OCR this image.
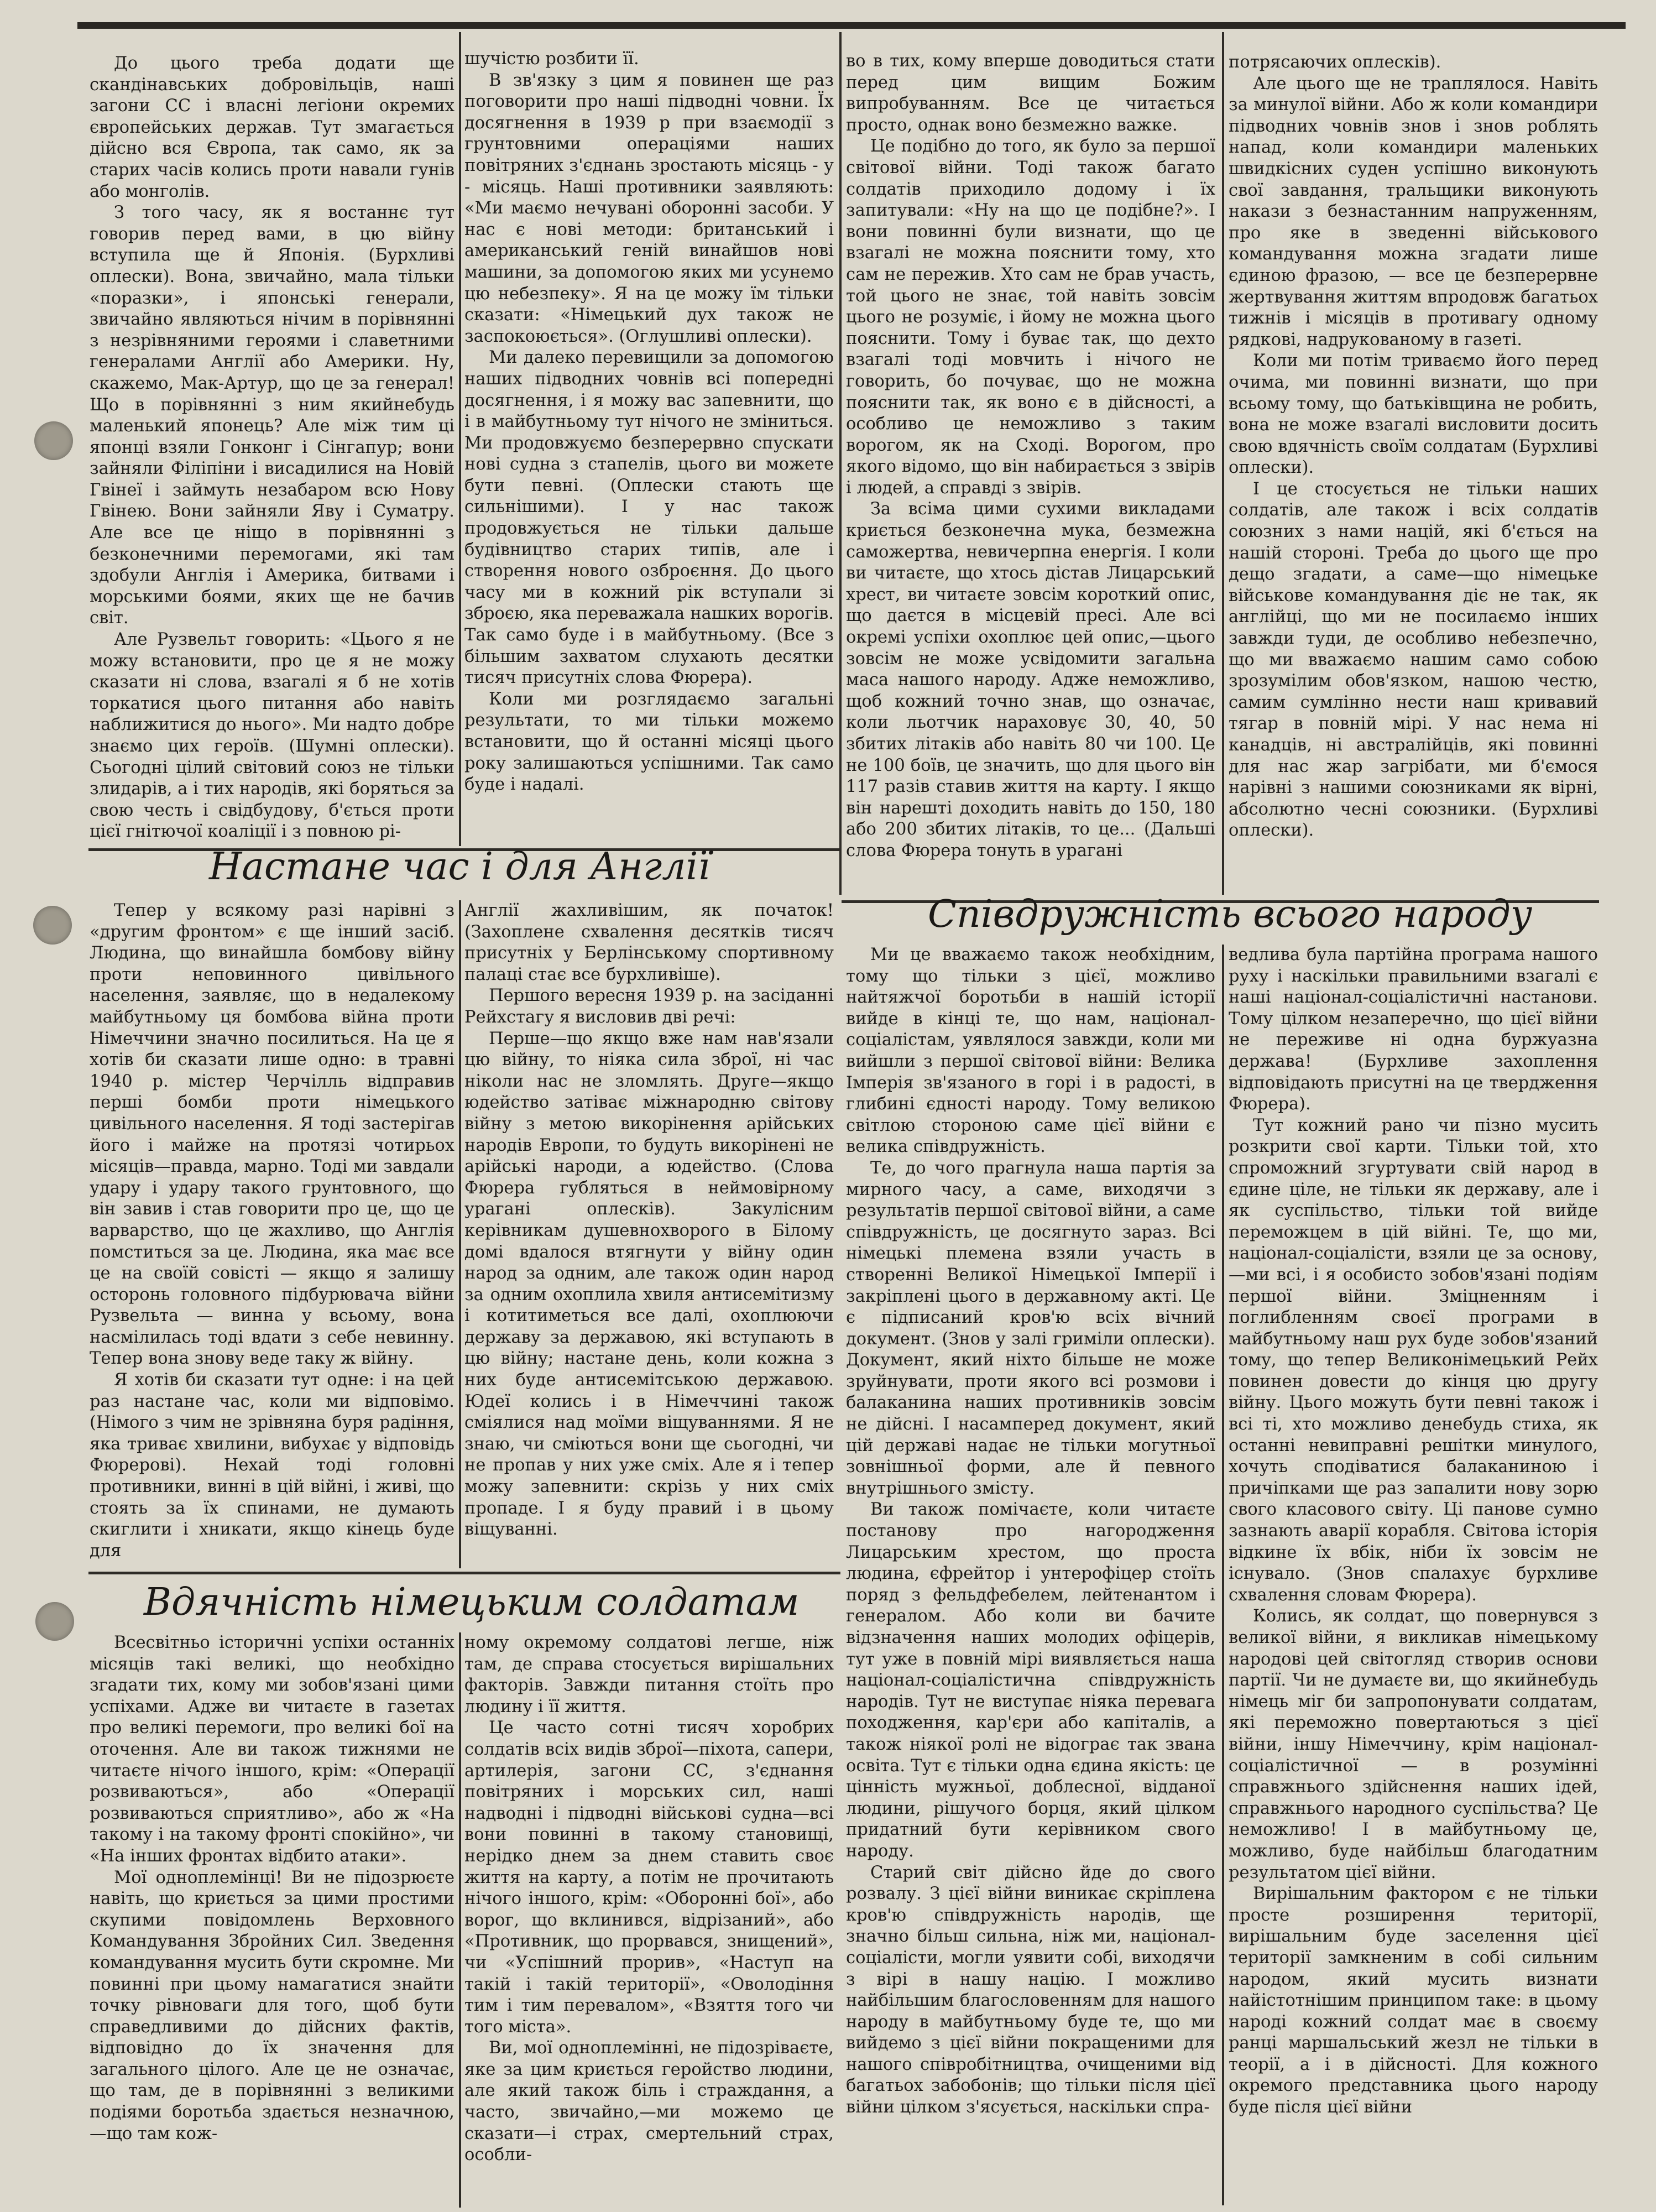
До цього треба додати ще скандінавських добровільців, наші загони СС і власні легіони окремих європейських держав. Тут змагається дійсно вся Європа, так само, як за старих часів колись проти навали гунів або монголів.

З того часу, як я востаннє тут говорив перед вами, в цю війну вступила ще й Японія. (Бурхливі оплески). Вона, звичайно, мала тільки «поразки», і японські генерали, звичайно являються нічим в порівнянні з незрівняними героями і славетними генералами Англії або Америки. Ну, скажемо, Мак-Артур, що це за генерал! Що в порівнянні з ним якийнебудь маленький японець? Але між тим ці японці взяли Гонконг і Сінгапур; вони зайняли Філіпіни і висадилися на Новій Гвінеї і займуть незабаром всю Нову Гвінею. Вони зайняли Яву і Суматру. Але все це ніщо в порівнянні з безконечними перемогами, які там здобули Англія і Америка, битвами і морськими боями, яких ще не бачив світ.

Але Рузвельт говорить: «Цього я не можу встановити, про це я не можу сказати ні слова, взагалі я б не хотів торкатися цього питання або навіть наближитися до нього». Ми надто добре знаємо цих героїв. (Шумні оплески). Сьогодні цілий світовий союз не тільки злидарів, а і тих народів, які боряться за свою честь і свідбудову, б'ється проти цієї гнітючої коаліції і з повною рі-

шучістю розбити її.

В зв'язку з цим я повинен ще раз поговорити про наші підводні човни. Їх досягнення в 1939 р при взаємодії з грунтовними операціями наших повітряних з'єднань зростають місяць - у - місяць. Наші противники заявляють: «Ми маємо нечувані оборонні засоби. У нас є нові методи: британський і американський геній винайшов нові машини, за допомогою яких ми усунемо цю небезпеку». Я на це можу їм тільки сказати: «Німецький дух також не заспокоюється». (Оглушливі оплески).

Ми далеко перевищили за допомогою наших підводних човнів всі попередні досягнення, і я можу вас запевнити, що і в майбутньому тут нічого не зміниться. Ми продовжуємо безперервно спускати нові судна з стапелів, цього ви можете бути певні. (Оплески стають ще сильнішими). І у нас також продовжується не тільки дальше будівництво старих типів, але і створення нового озброєння. До цього часу ми в кожний рік вступали зі зброєю, яка переважала нашких ворогів. Так само буде і в майбутньому. (Все з більшим захватом слухають десятки тисяч присутніх слова Фюрера).

Коли ми розглядаємо загальні результати, то ми тільки можемо встановити, що й останні місяці цього року залишаються успішними. Так само буде і надалі.

во в тих, кому вперше доводиться стати перед цим вищим Божим випробуванням. Все це читається просто, однак воно безмежно важке.

Це подібно до того, як було за першої світової війни. Тоді також багато солдатів приходило додому і їх запитували: «Ну на що це подібне?». І вони повинні були визнати, що це взагалі не можна пояснити тому, хто сам не пережив. Хто сам не брав участь, той цього не знає, той навіть зовсім цього не розуміє, і йому не можна цього пояснити. Тому і буває так, що дехто взагалі тоді мовчить і нічого не говорить, бо почуває, що не можна пояснити так, як воно є в дійсності, а особливо це неможливо з таким ворогом, як на Сході. Ворогом, про якого відомо, що він набирається з звірів і людей, а справді з звірів.

За всіма цими сухими викладами криється безконечна мука, безмежна саможертва, невичерпна енергія. І коли ви читаєте, що хтось дістав Лицарський хрест, ви читаєте зовсім короткий опис, що даєтся в місцевій пресі. Але всі окремі успіхи охоплює цей опис,—цього зовсім не може усвідомити загальна маса нашого народу. Адже неможливо, щоб кожний точно знав, що означає, коли льотчик нараховує 30, 40, 50 збитих літаків або навіть 80 чи 100. Це не 100 боїв, це значить, що для цього він 117 разів ставив життя на карту. І якщо він нарешті доходить навіть до 150, 180 або 200 збитих літаків, то це... (Дальші слова Фюрера тонуть в урагані

потрясаючих оплесків).

Але цього ще не траплялося. Навіть за минулої війни. Або ж коли командири підводних човнів знов і знов роблять напад, коли командири маленьких швидкісних суден успішно виконують свої завдання, тральщики виконують накази з безнастанним напруженням, про яке в зведенні військового командування можна згадати лише єдиною фразою, — все це безперервне жертвування життям впродовж багатьох тижнів і місяців в противагу одному рядкові, надрукованому в газеті.

Коли ми потім триваємо його перед очима, ми повинні визнати, що при всьому тому, що батьківщина не робить, вона не може взагалі висловити досить свою вдячність своїм солдатам (Бурхливі оплески).

І це стосується не тільки наших солдатів, але також і всіх солдатів союзних з нами націй, які б'ється на нашій стороні. Треба до цього ще про дещо згадати, а саме—що німецьке військове командування діє не так, як англійці, що ми не посилаємо інших завжди туди, де особливо небезпечно, що ми вважаємо нашим само собою зрозумілим обов'язком, нашою честю, самим сумлінно нести наш кривавий тягар в повній мірі. У нас нема ні канадців, ні австралійців, які повинні для нас жар загрібати, ми б'ємося нарівні з нашими союзниками як вірні, абсолютно чесні союзники. (Бурхливі оплески).

Настане час і для Англії

Тепер у всякому разі нарівні з «другим фронтом» є ще інший засіб. Людина, що винайшла бомбову війну проти неповинного цивільного населення, заявляє, що в недалекому майбутньому ця бомбова війна проти Німеччини значно посилиться. На це я хотів би сказати лише одно: в травні 1940 р. містер Черчілль відправив перші бомби проти німецького цивільного населення. Я тоді застерігав його і майже на протязі чотирьох місяців—правда, марно. Тоді ми завдали удару і удару такого грунтовного, що він завив і став говорити про це, що це варварство, що це жахливо, що Англія помститься за це. Людина, яка має все це на своїй совісті — якщо я залишу осторонь головного підбурювача війни Рузвельта — винна у всьому, вона насмілилась тоді вдати з себе невинну. Тепер вона знову веде таку ж війну.

Я хотів би сказати тут одне: і на цей раз настане час, коли ми відповімо.(Німого з чим не зрівняна буря радіння, яка триває хвилини, вибухає у відповідь Фюрерові). Нехай тоді головні противники, винні в цій війні, і живі, що стоять за їх спинами, не думають скиглити і хникати, якщо кінець буде для

Англії жахливішим, як початок! (Захоплене схвалення десятків тисяч присутніх у Берлінському спортивному палаці стає все бурхливіше).

Першого вересня 1939 р. на засіданні Рейхстагу я висловив дві речі:

Перше—що якщо вже нам нав'язали цю війну, то ніяка сила зброї, ні час ніколи нас не зломлять. Друге—якщо юдейство затіває міжнародню світову війну з метою викорінення арійських народів Европи, то будуть викорінені не арійські народи, а юдейство. (Слова Фюрера губляться в неймовірному урагані оплесків). Закулісним керівникам душевнохворого в Білому домі вдалося втягнути у війну один народ за одним, але також один народ за одним охоплила хвиля антисемітизму і котитиметься все далі, охоплюючи державу за державою, які вступають в цю війну; настане день, коли кожна з них буде антисемітською державою. Юдеї колись і в Німеччині також сміялися над моїми віщуваннями. Я не знаю, чи сміються вони ще сьогодні, чи не пропав у них уже сміх. Але я і тепер можу запевнити: скрізь у них сміх пропаде. І я буду правий і в цьому віщуванні.

Співдружність всього народу

Ми це вважаємо також необхідним, тому що тільки з цієї, можливо найтяжчої боротьби в нашій історії вийде в кінці те, що нам, націонал-соціалістам, уявлялося завжди, коли ми вийшли з першої світової війни: Велика Імперія зв'язаного в горі і в радості, в глибині єдності народу. Тому великою світлою стороною саме цієї війни є велика співдружність.

Те, до чого прагнула наша партія за мирного часу, а саме, виходячи з результатів першої світової війни, а саме співдружність, це досягнуто зараз. Всі німецькі племена взяли участь в створенні Великої Німецької Імперії і закріплені цього в державному акті. Це є підписаний кров'ю всіх вічний документ. (Знов у залі гриміли оплески). Документ, який ніхто більше не може зруйнувати, проти якого всі розмови і балаканина наших противників зовсім не дійсні. І насамперед документ, який цій державі надає не тільки могутньої зовнішньої форми, але й певного внутрішнього змісту.

Ви також помічаєте, коли читаєте постанову про нагородження Лицарським хрестом, що проста людина, єфрейтор і унтерофіцер стоїть поряд з фельдфебелем, лейтенантом і генералом. Або коли ви бачите відзначення наших молодих офіцерів, тут уже в повній мірі виявляється наша націонал-соціалістична співдружність народів. Тут не виступає ніяка перевага походження, кар'єри або капіталів, а також ніякої ролі не відограє так звана освіта. Тут є тільки одна єдина якість: це цінність мужньої, доблесної, відданої людини, рішучого борця, який цілком придатний бути керівником свого народу.

Старий світ дійсно йде до свого розвалу. З цієї війни виникає скріплена кров'ю співдружність народів, ще значно більш сильна, ніж ми, націонал-соціалісти, могли уявити собі, виходячи з вірі в нашу націю. І можливо найбільшим благословенням для нашого народу в майбутньому буде те, що ми вийдемо з цієї війни покращеними для нашого співробітництва, очищеними від багатьох забобонів; що тільки після цієї війни цілком з'ясується, наскільки спра-

ведлива була партійна програма нашого руху і наскільки правильними взагалі є наші націонал-соціалістичні настанови. Тому цілком незаперечно, що цієї війни не переживе ні одна буржуазна держава! (Бурхливе захоплення відповідають присутні на це твердження Фюрера).

Тут кожний рано чи пізно мусить розкрити свої карти. Тільки той, хто спроможний згуртувати свій народ в єдине ціле, не тільки як державу, але і як суспільство, тільки той вийде переможцем в цій війні. Те, що ми, націонал-соціалісти, взяли це за основу,—ми всі, і я особисто зобов'язані подіям першої війни. Зміцненням і поглибленням своєї програми в майбутньому наш рух буде зобов'язаний тому, що тепер Великонімецький Рейх повинен довести до кінця цю другу війну. Цього можуть бути певні також і всі ті, хто можливо денебудь стиха, як останні невиправні решітки минулого, хочуть сподіватися балаканиною і причіпками ще раз запалити нову зорю свого класового світу. Ці панове сумно зазнають аварії корабля. Світова історія відкине їх вбік, ніби їх зовсім не існувало. (Знов спалахує бурхливе схвалення словам Фюрера).

Колись, як солдат, що повернувся з великої війни, я викликав німецькому народові цей світогляд створив основи партії. Чи не думаєте ви, що якийнебудь німець міг би запропонувати солдатам, які переможно повертаються з цієї війни, іншу Німеччину, крім націонал-соціалістичної — в розумінні справжнього здійснення наших ідей, справжнього народного суспільства? Це неможливо! І в майбутньому це, можливо, буде найбільш благодатним результатом цієї війни.

Вирішальним фактором є не тільки просте розширення території, вирішальним буде заселення цієї території замкненим в собі сильним народом, який мусить визнати найістотнішим принципом таке: в цьому народі кожний солдат має в своєму ранці маршальський жезл не тільки в теорії, а і в дійсності. Для кожного окремого представника цього народу буде після цієї війни

Вдячність німецьким солдатам

Всесвітньо історичні успіхи останніх місяців такі великі, що необхідно згадати тих, кому ми зобов'язані цими успіхами. Адже ви читаєте в газетах про великі перемоги, про великі бої на оточення. Але ви також тижнями не читаєте нічого іншого, крім: «Операції розвиваються», або «Операції розвиваються сприятливо», або ж «На такому і на такому фронті спокійно», чи «На інших фронтах відбито атаки».

Мої одноплемінці! Ви не підозрюєте навіть, що криється за цими простими скупими повідомлень Верховного Командування Збройних Сил. Зведення командування мусить бути скромне. Ми повинні при цьому намагатися знайти точку рівноваги для того, щоб бути справедливими до дійсних фактів, відповідно до їх значення для загального цілого. Але це не означає, що там, де в порівнянні з великими подіями боротьба здається незначною,—що там кож-

ному окремому солдатові легше, ніж там, де справа стосується вирішальних факторів. Завжди питання стоїть про людину і її життя.

Це часто сотні тисяч хоробрих солдатів всіх видів зброї—піхота, сапери, артилерія, загони СС, з'єднання повітряних і морських сил, наші надводні і підводні військові судна—всі вони повинні в такому становищі, нерідко днем за днем ставить своє життя на карту, а потім не прочитають нічого іншого, крім: «Оборонні бої», або ворог, що вклинився, відрізаний», або «Противник, що прорвався, знищений», чи «Успішний прорив», «Наступ на такій і такій території», «Оволодіння тим і тим перевалом», «Взяття того чи того міста».

Ви, мої одноплемінні, не підозріваєте, яке за цим криється геройство людини, але який також біль і страждання, а часто, звичайно,—ми можемо це сказати—і страх, смертельний страх, особли-
